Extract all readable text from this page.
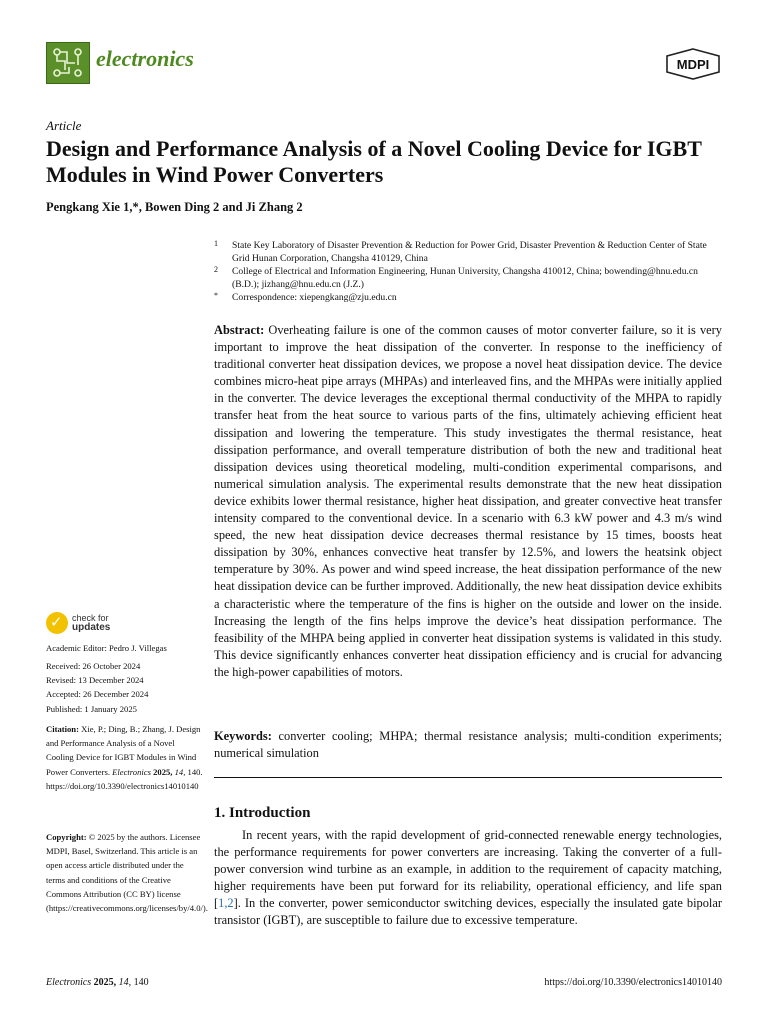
electronics	MDPI
Article
Design and Performance Analysis of a Novel Cooling Device for IGBT Modules in Wind Power Converters
Pengkang Xie 1,*, Bowen Ding 2 and Ji Zhang 2
1 State Key Laboratory of Disaster Prevention & Reduction for Power Grid, Disaster Prevention & Reduction Center of State Grid Hunan Corporation, Changsha 410129, China
2 College of Electrical and Information Engineering, Hunan University, Changsha 410012, China; bowending@hnu.edu.cn (B.D.); jizhang@hnu.edu.cn (J.Z.)
* Correspondence: xiepengkang@zju.edu.cn

Abstract: Overheating failure is one of the common causes of motor converter failure, so it is very important to improve the heat dissipation of the converter. In response to the inefficiency of traditional converter heat dissipation devices, we propose a novel heat dissipation device. The device combines micro-heat pipe arrays (MHPAs) and interleaved fins, and the MHPAs were initially applied in the converter. The device leverages the exceptional thermal conductivity of the MHPA to rapidly transfer heat from the heat source to various parts of the fins, ultimately achieving efficient heat dissipation and lowering the temperature. This study investigates the thermal resistance, heat dissipation performance, and overall temperature distribution of both the new and traditional heat dissipation devices using theoretical modeling, multi-condition experimental comparisons, and numerical simulation analysis. The experimental results demonstrate that the new heat dissipation device exhibits lower thermal resistance, higher heat dissipation, and greater convective heat transfer intensity compared to the conventional device. In a scenario with 6.3 kW power and 4.3 m/s wind speed, the new heat dissipation device decreases thermal resistance by 15 times, boosts heat dissipation by 30%, enhances convective heat transfer by 12.5%, and lowers the heatsink object temperature by 30%. As power and wind speed increase, the heat dissipation performance of the new heat dissipation device can be further improved. Additionally, the new heat dissipation device exhibits a characteristic where the temperature of the fins is higher on the outside and lower on the inside. Increasing the length of the fins helps improve the device’s heat dissipation performance. The feasibility of the MHPA being applied in converter heat dissipation systems is validated in this study. This device significantly enhances converter heat dissipation efficiency and is crucial for advancing the high-power capabilities of motors.

Keywords: converter cooling; MHPA; thermal resistance analysis; multi-condition experiments; numerical simulation

1. Introduction

In recent years, with the rapid development of grid-connected renewable energy technologies, the performance requirements for power converters are increasing. Taking the converter of a full-power conversion wind turbine as an example, in addition to the requirement of capacity matching, higher requirements have been put forward for its reliability, operational efficiency, and life span [1,2]. In the converter, power semiconductor switching devices, especially the insulated gate bipolar transistor (IGBT), are susceptible to failure due to excessive temperature.

✓ check for
updates
Academic Editor: Pedro J. Villegas

Received: 26 October 2024

Revised: 13 December 2024

Accepted: 26 December 2024

Published: 1 January 2025

Citation: Xie, P.; Ding, B.; Zhang, J. Design and Performance Analysis of a Novel Cooling Device for IGBT Modules in Wind Power Converters. Electronics 2025, 14, 140. https://doi.org/10.3390/electronics14010140
Copyright: © 2025 by the authors. Licensee MDPI, Basel, Switzerland. This article is an open access article distributed under the terms and conditions of the Creative Commons Attribution (CC BY) license (https://creativecommons.org/licenses/by/4.0/).
Electronics 2025, 14, 140	https://doi.org/10.3390/electronics14010140
